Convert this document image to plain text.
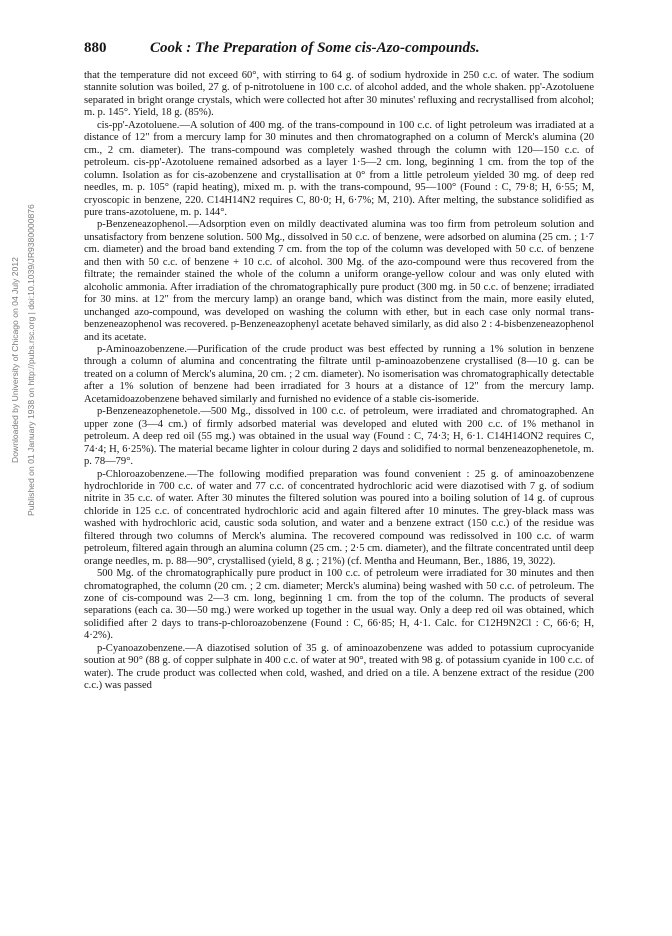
Downloaded by University of Chicago on 04 July 2012 Published on 01 January 1938 on http://pubs.rsc.org | doi:10.1039/JR9380000876
880	Cook : The Preparation of Some cis-Azo-compounds.

that the temperature did not exceed 60°, with stirring to 64 g. of sodium hydroxide in 250 c.c. of water. The sodium stannite solution was boiled, 27 g. of p-nitrotoluene in 100 c.c. of alcohol added, and the whole shaken. pp'-Azotoluene separated in bright orange crystals, which were collected hot after 30 minutes' refluxing and recrystallised from alcohol; m. p. 145°. Yield, 18 g. (85%).

cis-pp'-Azotoluene.—A solution of 400 mg. of the trans-compound in 100 c.c. of light petroleum was irradiated at a distance of 12" from a mercury lamp for 30 minutes and then chromatographed on a column of Merck's alumina (20 cm., 2 cm. diameter). The trans-compound was completely washed through the column with 120—150 c.c. of petroleum. cis-pp'-Azotoluene remained adsorbed as a layer 1·5—2 cm. long, beginning 1 cm. from the top of the column. Isolation as for cis-azobenzene and crystallisation at 0° from a little petroleum yielded 30 mg. of deep red needles, m. p. 105° (rapid heating), mixed m. p. with the trans-compound, 95—100° (Found : C, 79·8; H, 6·55; M, cryoscopic in benzene, 220. C14H14N2 requires C, 80·0; H, 6·7%; M, 210). After melting, the substance solidified as pure trans-azotoluene, m. p. 144°.

p-Benzeneazophenol.—Adsorption even on mildly deactivated alumina was too firm from petroleum solution and unsatisfactory from benzene solution. 500 Mg., dissolved in 50 c.c. of benzene, were adsorbed on alumina (25 cm. ; 1·7 cm. diameter) and the broad band extending 7 cm. from the top of the column was developed with 50 c.c. of benzene and then with 50 c.c. of benzene + 10 c.c. of alcohol. 300 Mg. of the azo-compound were thus recovered from the filtrate; the remainder stained the whole of the column a uniform orange-yellow colour and was only eluted with alcoholic ammonia. After irradiation of the chromatographically pure product (300 mg. in 50 c.c. of benzene; irradiated for 30 mins. at 12" from the mercury lamp) an orange band, which was distinct from the main, more easily eluted, unchanged azo-compound, was developed on washing the column with ether, but in each case only normal trans-benzeneazophenol was recovered. p-Benzeneazophenyl acetate behaved similarly, as did also 2 : 4-bisbenzeneazophenol and its acetate.

p-Aminoazobenzene.—Purification of the crude product was best effected by running a 1% solution in benzene through a column of alumina and concentrating the filtrate until p-aminoazobenzene crystallised (8—10 g. can be treated on a column of Merck's alumina, 20 cm. ; 2 cm. diameter). No isomerisation was chromatographically detectable after a 1% solution of benzene had been irradiated for 3 hours at a distance of 12" from the mercury lamp. Acetamidoazobenzene behaved similarly and furnished no evidence of a stable cis-isomeride.

p-Benzeneazophenetole.—500 Mg., dissolved in 100 c.c. of petroleum, were irradiated and chromatographed. An upper zone (3—4 cm.) of firmly adsorbed material was developed and eluted with 200 c.c. of 1% methanol in petroleum. A deep red oil (55 mg.) was obtained in the usual way (Found : C, 74·3; H, 6·1. C14H14ON2 requires C, 74·4; H, 6·25%). The material became lighter in colour during 2 days and solidified to normal benzeneazophenetole, m. p. 78—79°.

p-Chloroazobenzene.—The following modified preparation was found convenient : 25 g. of aminoazobenzene hydrochloride in 700 c.c. of water and 77 c.c. of concentrated hydrochloric acid were diazotised with 7 g. of sodium nitrite in 35 c.c. of water. After 30 minutes the filtered solution was poured into a boiling solution of 14 g. of cuprous chloride in 125 c.c. of concentrated hydrochloric acid and again filtered after 10 minutes. The grey-black mass was washed with hydrochloric acid, caustic soda solution, and water and a benzene extract (150 c.c.) of the residue was filtered through two columns of Merck's alumina. The recovered compound was redissolved in 100 c.c. of warm petroleum, filtered again through an alumina column (25 cm. ; 2·5 cm. diameter), and the filtrate concentrated until deep orange needles, m. p. 88—90°, crystallised (yield, 8 g. ; 21%) (cf. Mentha and Heumann, Ber., 1886, 19, 3022).

500 Mg. of the chromatographically pure product in 100 c.c. of petroleum were irradiated for 30 minutes and then chromatographed, the column (20 cm. ; 2 cm. diameter; Merck's alumina) being washed with 50 c.c. of petroleum. The zone of cis-compound was 2—3 cm. long, beginning 1 cm. from the top of the column. The products of several separations (each ca. 30—50 mg.) were worked up together in the usual way. Only a deep red oil was obtained, which solidified after 2 days to trans-p-chloroazobenzene (Found : C, 66·85; H, 4·1. Calc. for C12H9N2Cl : C, 66·6; H, 4·2%).

p-Cyanoazobenzene.—A diazotised solution of 35 g. of aminoazobenzene was added to potassium cuprocyanide soution at 90° (88 g. of copper sulphate in 400 c.c. of water at 90°, treated with 98 g. of potassium cyanide in 100 c.c. of water). The crude product was collected when cold, washed, and dried on a tile. A benzene extract of the residue (200 c.c.) was passed
